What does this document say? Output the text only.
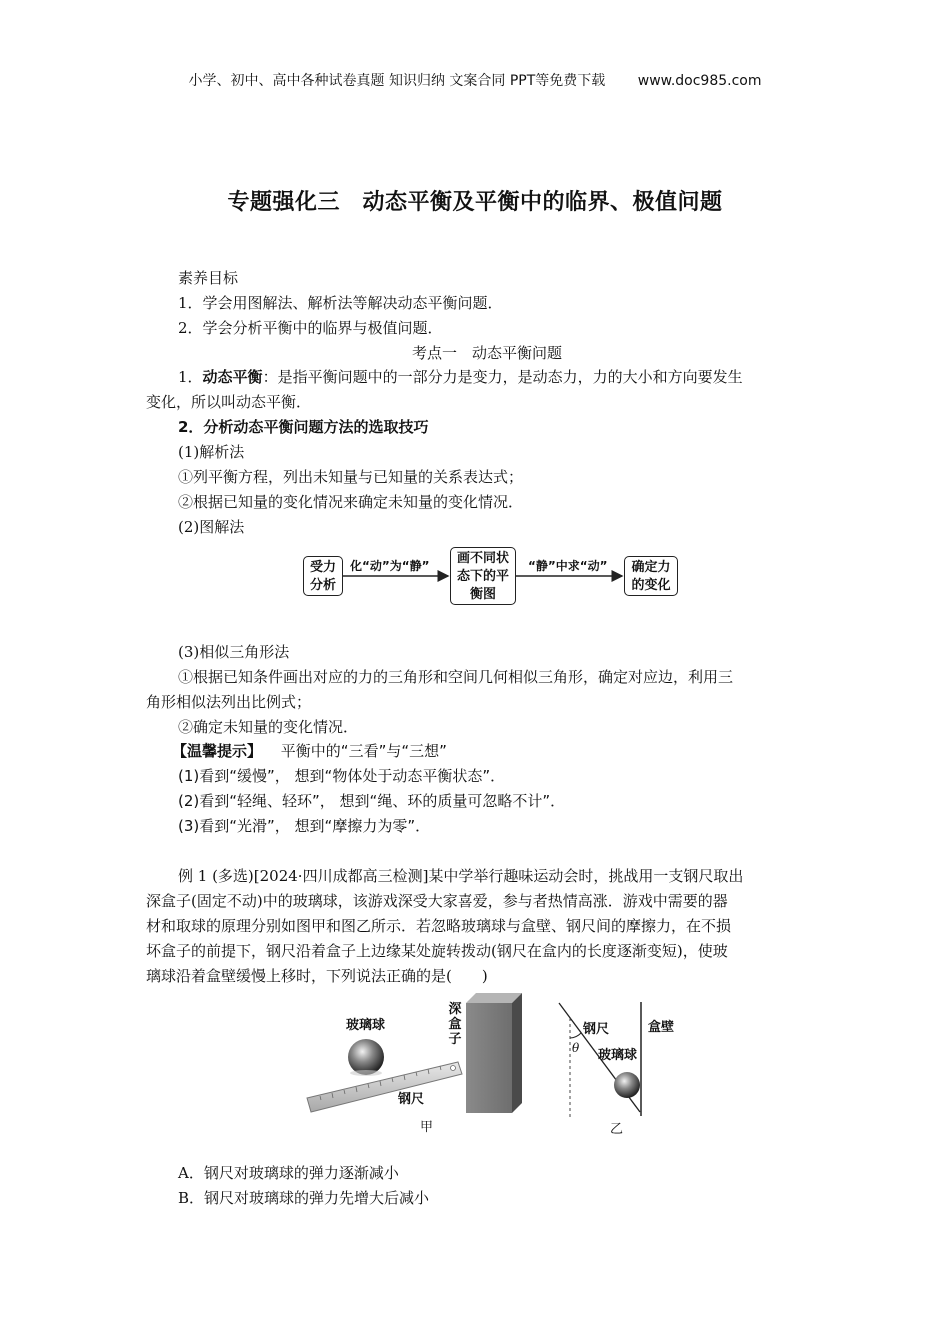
小学、初中、高中各种试卷真题 知识归纳 文案合同 PPT等免费下载 www.doc985.com
专题强化三　动态平衡及平衡中的临界、极值问题
素养目标
1．学会用图解法、解析法等解决动态平衡问题．
2．学会分析平衡中的临界与极值问题．
考点一　动态平衡问题
1．动态平衡：是指平衡问题中的一部分力是变力，是动态力，力的大小和方向要发生
变化，所以叫动态平衡．
2．分析动态平衡问题方法的选取技巧
(1)解析法
①列平衡方程，列出未知量与已知量的关系表达式；
②根据已知量的变化情况来确定未知量的变化情况．
(2)图解法
受力
分析
化“动”为“静”	画不同状
态下的平
衡图
“静”中求“动”	确定力
的变化
(3)相似三角形法
①根据已知条件画出对应的力的三角形和空间几何相似三角形，确定对应边，利用三
角形相似法列出比例式；
②确定未知量的变化情况．
【温馨提示】 平衡中的“三看”与“三想”
(1)看到“缓慢”， 想到“物体处于动态平衡状态”．
(2)看到“轻绳、轻环”， 想到“绳、环的质量可忽略不计”．
(3)看到“光滑”， 想到“摩擦力为零”．
例 1 (多选)[2024·四川成都高三检测]某中学举行趣味运动会时，挑战用一支钢尺取出
深盒子(固定不动)中的玻璃球，该游戏深受大家喜爱，参与者热情高涨．游戏中需要的器
材和取球的原理分别如图甲和图乙所示．若忽略玻璃球与盒壁、钢尺间的摩擦力，在不损
坏盒子的前提下，钢尺沿着盒子上边缘某处旋转拨动(钢尺在盒内的长度逐渐变短)，使玻
璃球沿着盒壁缓慢上移时，下列说法正确的是(　　)
玻璃球
钢尺
深
盒
子
甲
钢尺	盒壁
θ 玻璃球
乙
A．钢尺对玻璃球的弹力逐渐减小
B．钢尺对玻璃球的弹力先增大后减小
